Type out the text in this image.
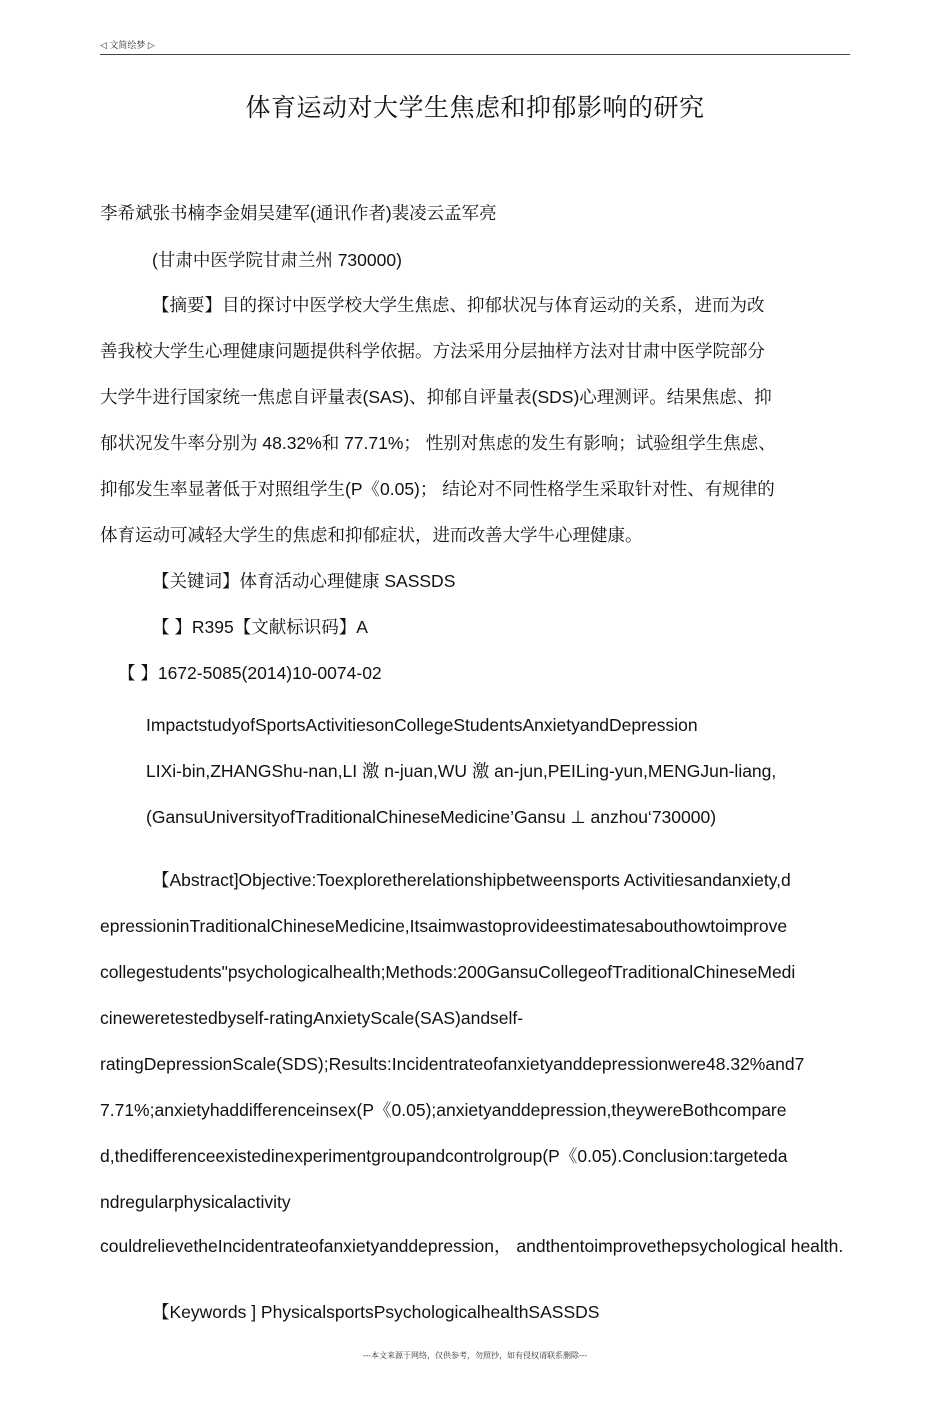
◁ 文简绘梦 ▷
体育运动对大学生焦虑和抑郁影响的研究
李希斌张书楠李金娟吴建军(通讯作者)裴凌云孟军亮
(甘肃中医学院甘肃兰州 730000)
【摘要】目的探讨中医学校大学生焦虑、抑郁状况与体育运动的关系，进而为改
善我校大学生心理健康问题提供科学依据。方法采用分层抽样方法对甘肃中医学院部分
大学牛进行国家统一焦虑自评量表(SAS)、抑郁自评量表(SDS)心理测评。结果焦虑、抑
郁状况发牛率分别为 48.32%和 77.71%； 性别对焦虑的发生有影响；试验组学生焦虑、
抑郁发生率显著低于对照组学生(P《0.05)； 结论对不同性格学生采取针对性、有规律的
体育运动可减轻大学生的焦虑和抑郁症状，进而改善大学牛心理健康。
【关键词】体育活动心理健康 SASSDS
【 】R395【文献标识码】A
【 】1672-5085(2014)10-0074-02
ImpactstudyofSportsActivitiesonCollegeStudentsAnxietyandDepression
LIXi-bin,ZHANGShu-nan,LI 激 n-juan,WU 激 an-jun,PEILing-yun,MENGJun-liang,
(GansuUniversityofTraditionalChineseMedicine’Gansu ⊥ anzhou‘730000)
【Abstract]Objective:Toexploretherelationshipbetweensports Activitiesandanxiety,d
epressioninTraditionalChineseMedicine,Itsaimwastoprovideestimatesabouthowtoimprove
collegestudents"psychologicalhealth;Methods:200GansuCollegeofTraditionalChineseMedi
cineweretestedbyself-ratingAnxietyScale(SAS)andself-
ratingDepressionScale(SDS);Results:Incidentrateofanxietyanddepressionwere48.32%and7
7.71%;anxietyhaddifferenceinsex(P《0.05);anxietyanddepression,theywereBothcompare
d,thedifferenceexistedinexperimentgroupandcontrolgroup(P《0.05).Conclusion:targeteda
ndregularphysicalactivity
couldrelievetheIncidentrateofanxietyanddepression， andthentoimprovethepsychological health.
【Keywords ] PhysicalsportsPsychologicalhealthSASSDS
---本文来源于网络，仅供参考，勿照抄，如有侵权请联系删除---
